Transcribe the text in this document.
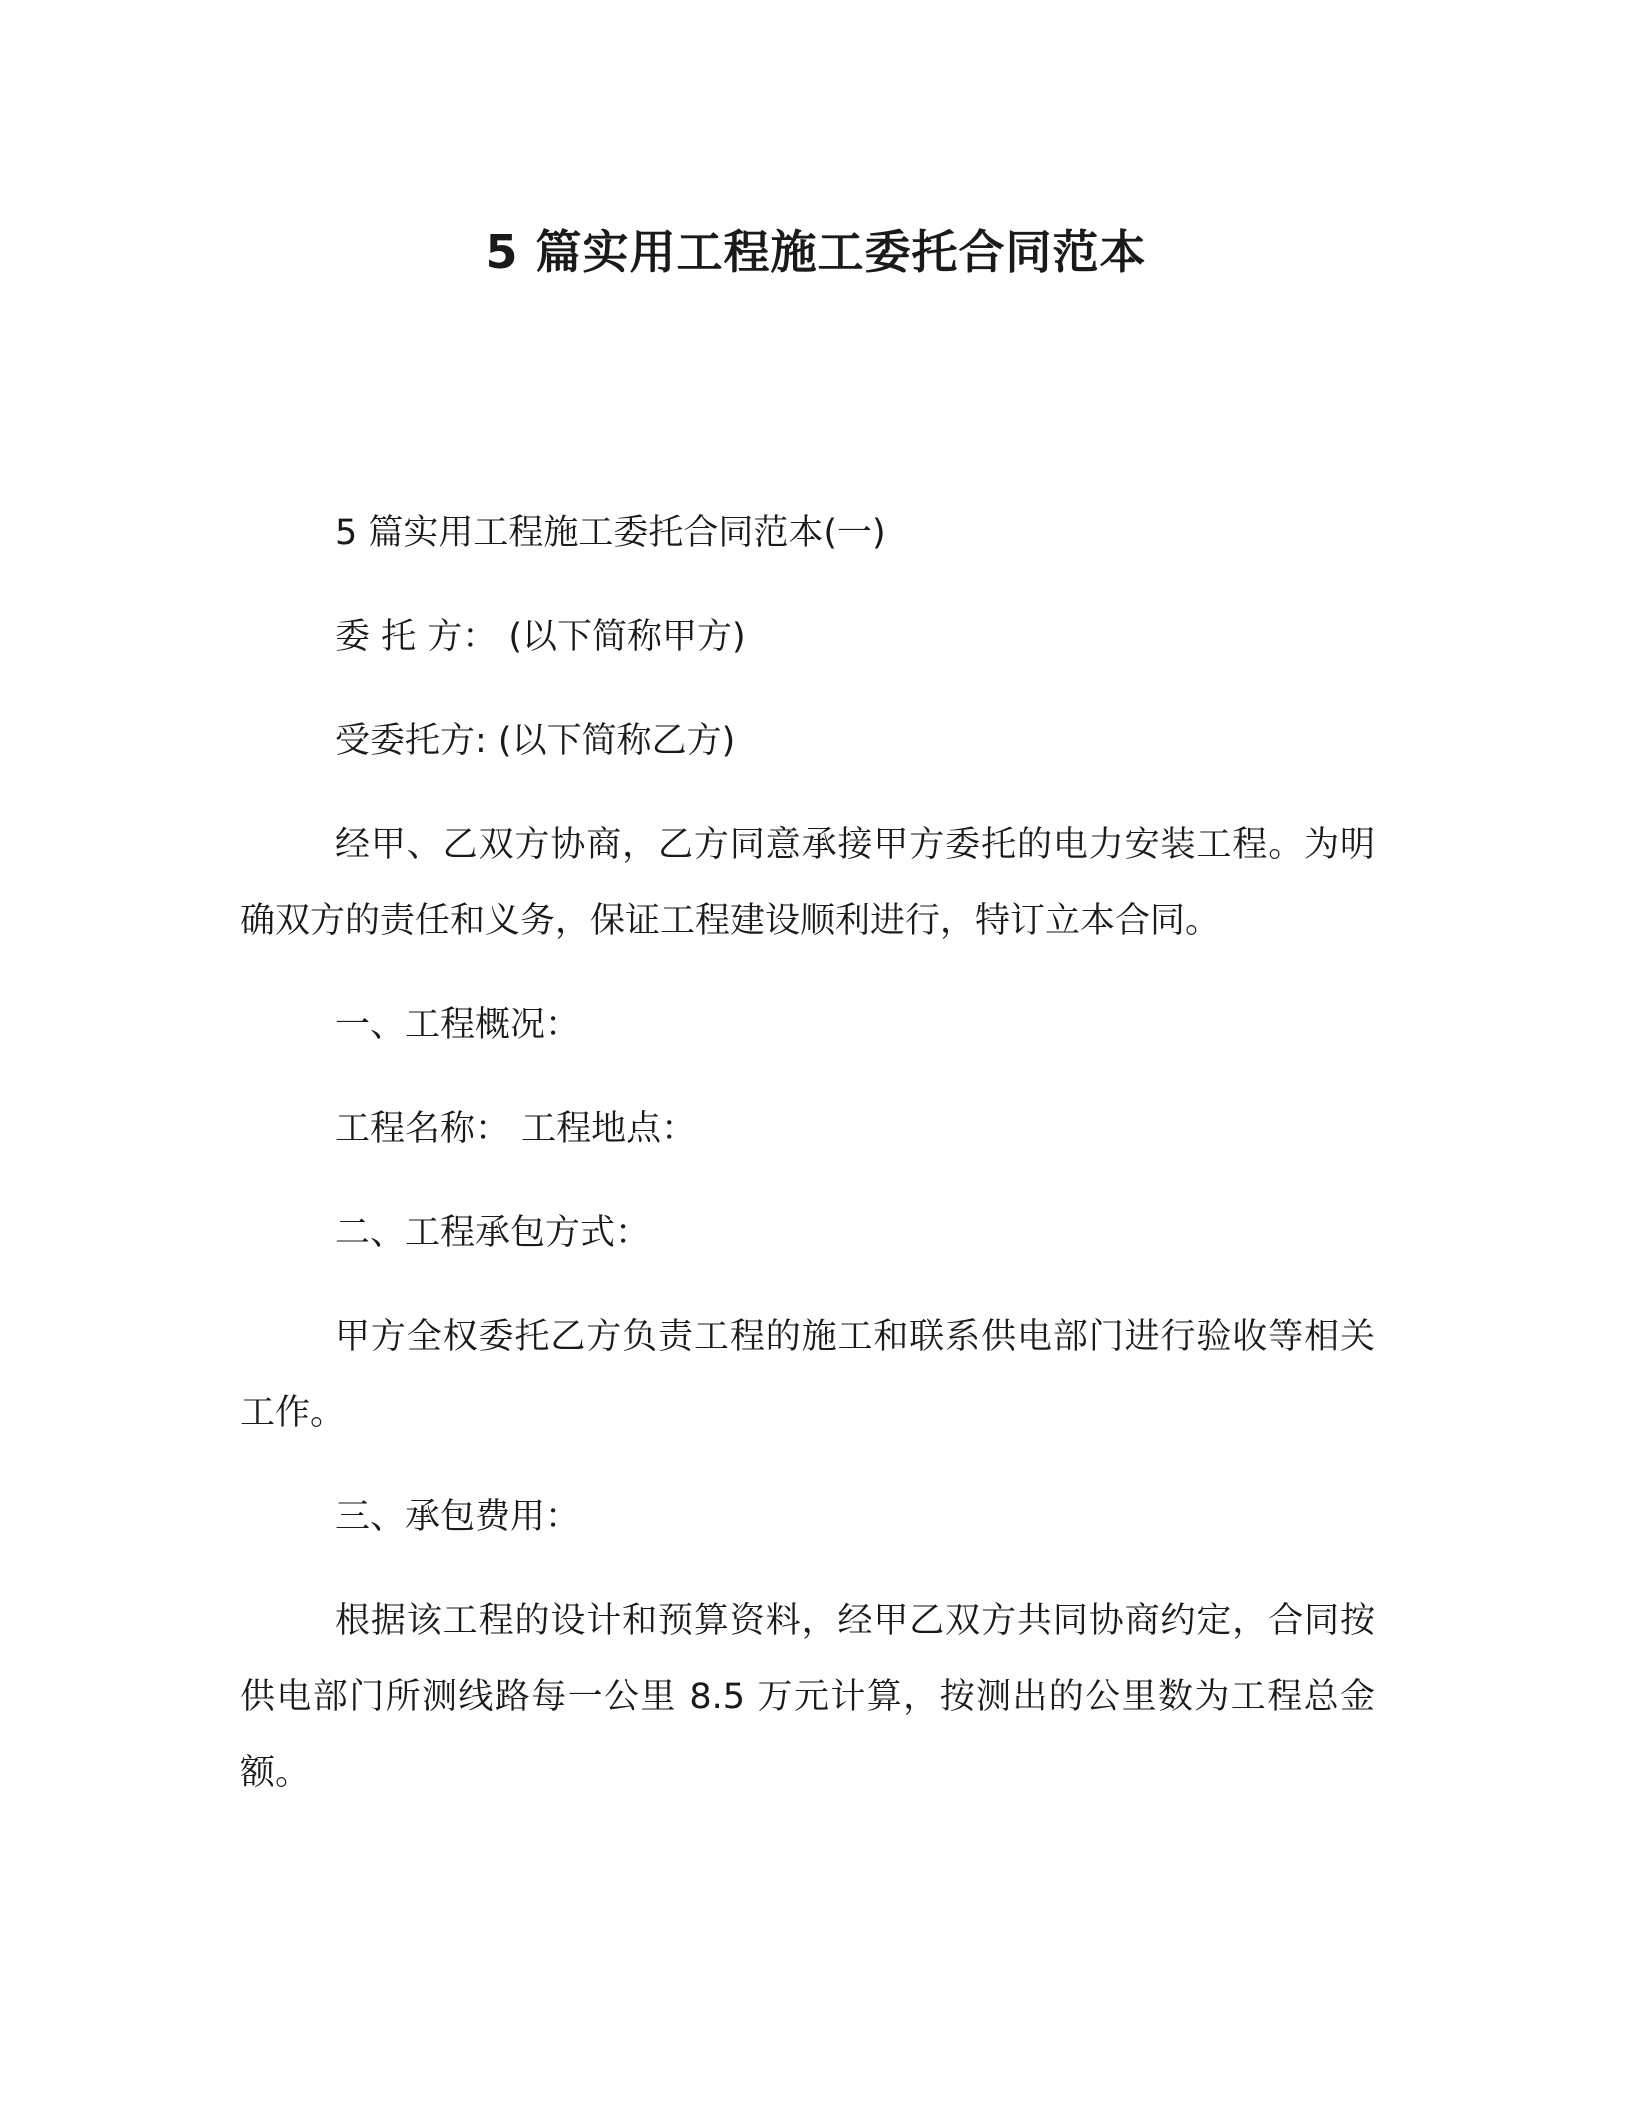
5 篇实用工程施工委托合同范本

5 篇实用工程施工委托合同范本(一)

委 托 方： (以下简称甲方)

受委托方: (以下简称乙方)

经甲、乙双方协商，乙方同意承接甲方委托的电力安装工程。为明确双方的责任和义务，保证工程建设顺利进行，特订立本合同。

一、工程概况：

工程名称： 工程地点：

二、工程承包方式：

甲方全权委托乙方负责工程的施工和联系供电部门进行验收等相关工作。

三、承包费用：

根据该工程的设计和预算资料，经甲乙双方共同协商约定，合同按供电部门所测线路每一公里 8.5 万元计算，按测出的公里数为工程总金额。
